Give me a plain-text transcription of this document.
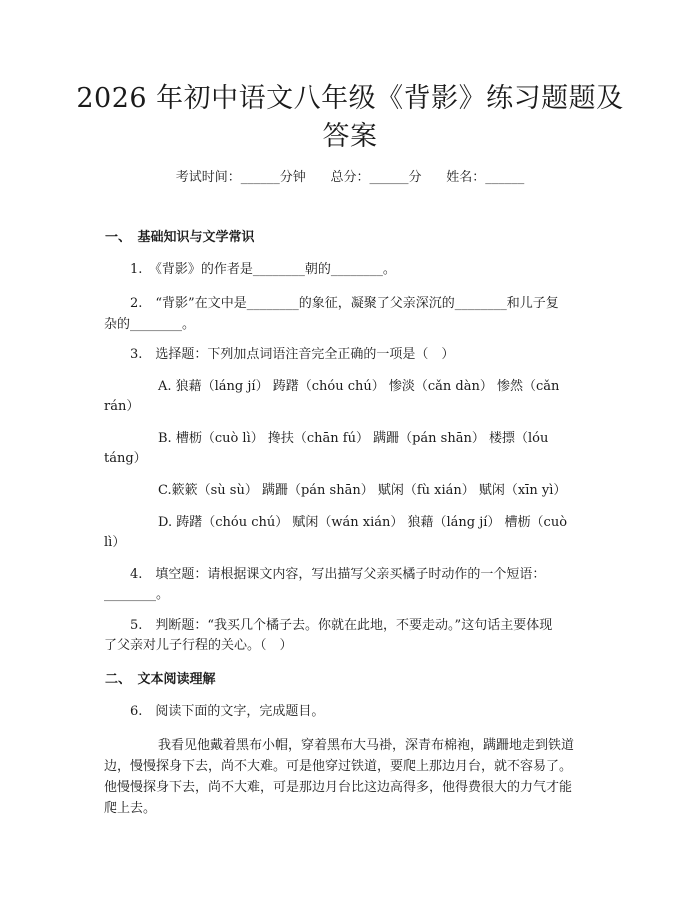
2026 年初中语文八年级《背影》练习题题及
答案
考试时间：______分钟      总分：______分      姓名：______
一、　基础知识与文学常识
1.　《背影》的作者是________朝的________。
2.　“背影”在文中是________的象征，凝聚了父亲深沉的________和儿子复
杂的________。
3.　选择题：下列加点词语注音完全正确的一项是（　）
A. 狼藉（láng jí） 踌躇（chóu chú） 惨淡（cǎn dàn） 惨然（cǎn
rán）
B. 槽枥（cuò lì） 搀扶（chān fú） 蹒跚（pán shān） 楼摽（lóu
táng）
C.簌簌（sù sù） 蹒跚（pán shān） 赋闲（fù xián） 赋闲（xīn yì）
D. 踌躇（chóu chú） 赋闲（wán xián） 狼藉（láng jí） 槽枥（cuò
lì）
4.　填空题：请根据课文内容，写出描写父亲买橘子时动作的一个短语：
________。
5.　判断题：“我买几个橘子去。你就在此地，不要走动。”这句话主要体现
了父亲对儿子行程的关心。（　）
二、　文本阅读理解
6.　阅读下面的文字，完成题目。
我看见他戴着黑布小帽，穿着黑布大马褂，深青布棉袍，蹒跚地走到铁道
边，慢慢探身下去，尚不大难。可是他穿过铁道，要爬上那边月台，就不容易了。
他慢慢探身下去，尚不大难，可是那边月台比这边高得多，他得费很大的力气才能
爬上去。
